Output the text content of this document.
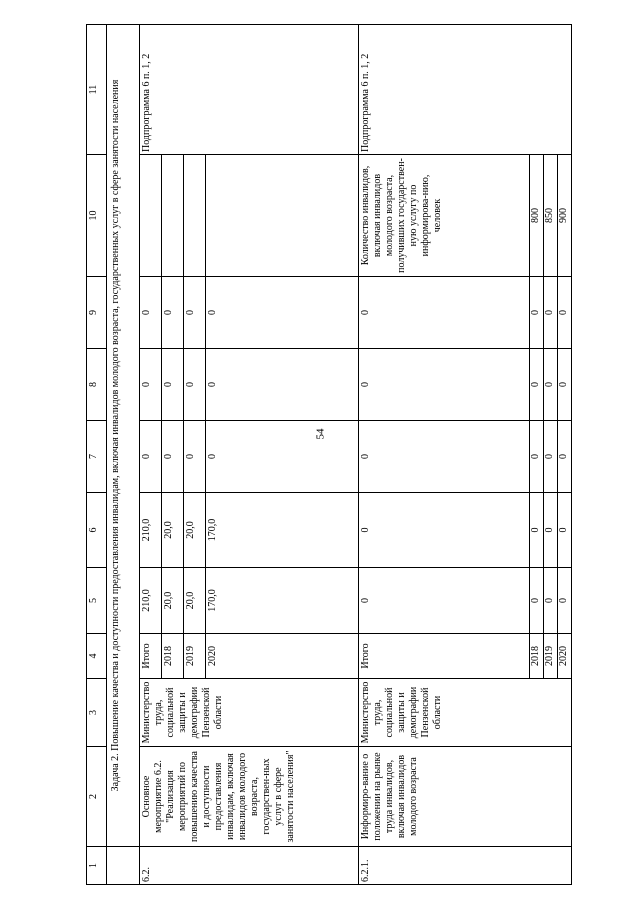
54
1	2	3	4	5	6	7	8	9	10	11
	Задача 2. Повышение качества и доступности предоставления инвалидам, включая инвалидов молодого возраста, государственных услуг в сфере занятости населения									
6.2.	Основное мероприятие 6.2. "Реализация мероприятий по повышению качества и доступности предоставления инвалидам, включая инвалидов молодого возраста, государствен-ных услуг в сфере занятости населения"	Министерство труда, социальной защиты и демографии Пензенской области	Итого	210,0	210,0	0	0	0		Подпрограмма 6 п. 1, 2
			2018	20,0	20,0	0	0	0		
			2019	20,0	20,0	0	0	0		
			2020	170,0	170,0	0	0	0		
6.2.1.	Информиро-вание о положении на рынке труда инвалидов, включая инвалидов молодого возраста	Министерство труда, социальной защиты и демографии Пензенской области	Итого	0	0	0	0	0	Количество инвалидов, включая инвалидов молодого возраста, получивших государствен-ную услугу по информирова-нию, человек	Подпрограмма 6 п. 1, 2
			2018	0	0	0	0	0	800	
			2019	0	0	0	0	0	850	
			2020	0	0	0	0	0	900	
